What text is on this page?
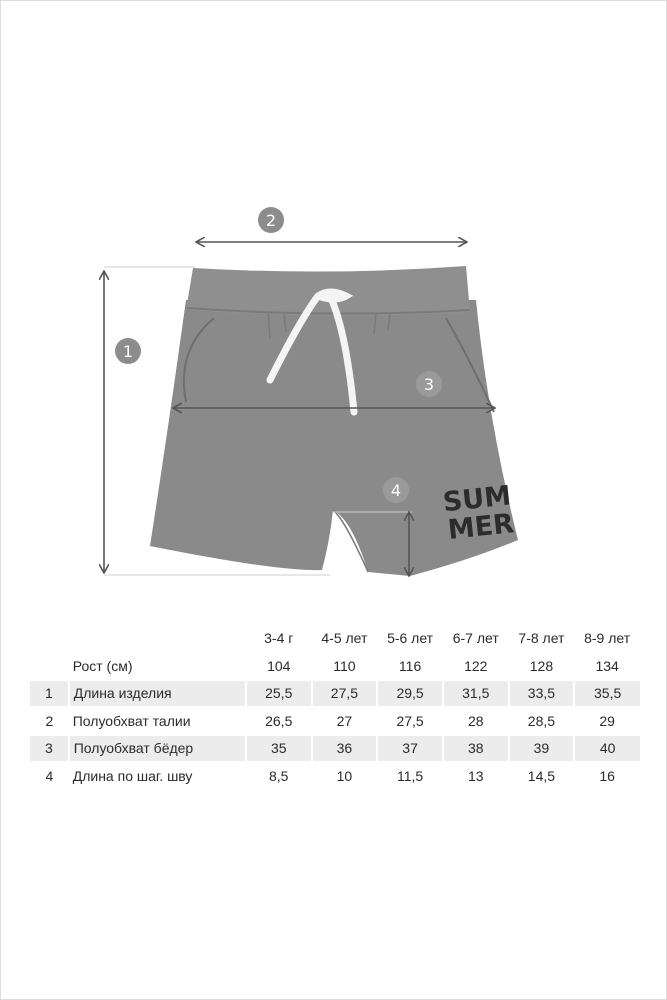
SUM
MER
1
2
3
4
		3-4 г	4-5 лет	5-6 лет	6-7 лет	7-8 лет	8-9 лет
	Рост (см)	104	110	116	122	128	134
1	Длина изделия	25,5	27,5	29,5	31,5	33,5	35,5
2	Полуобхват талии	26,5	27	27,5	28	28,5	29
3	Полуобхват бёдер	35	36	37	38	39	40
4	Длина по шаг. шву	8,5	10	11,5	13	14,5	16
